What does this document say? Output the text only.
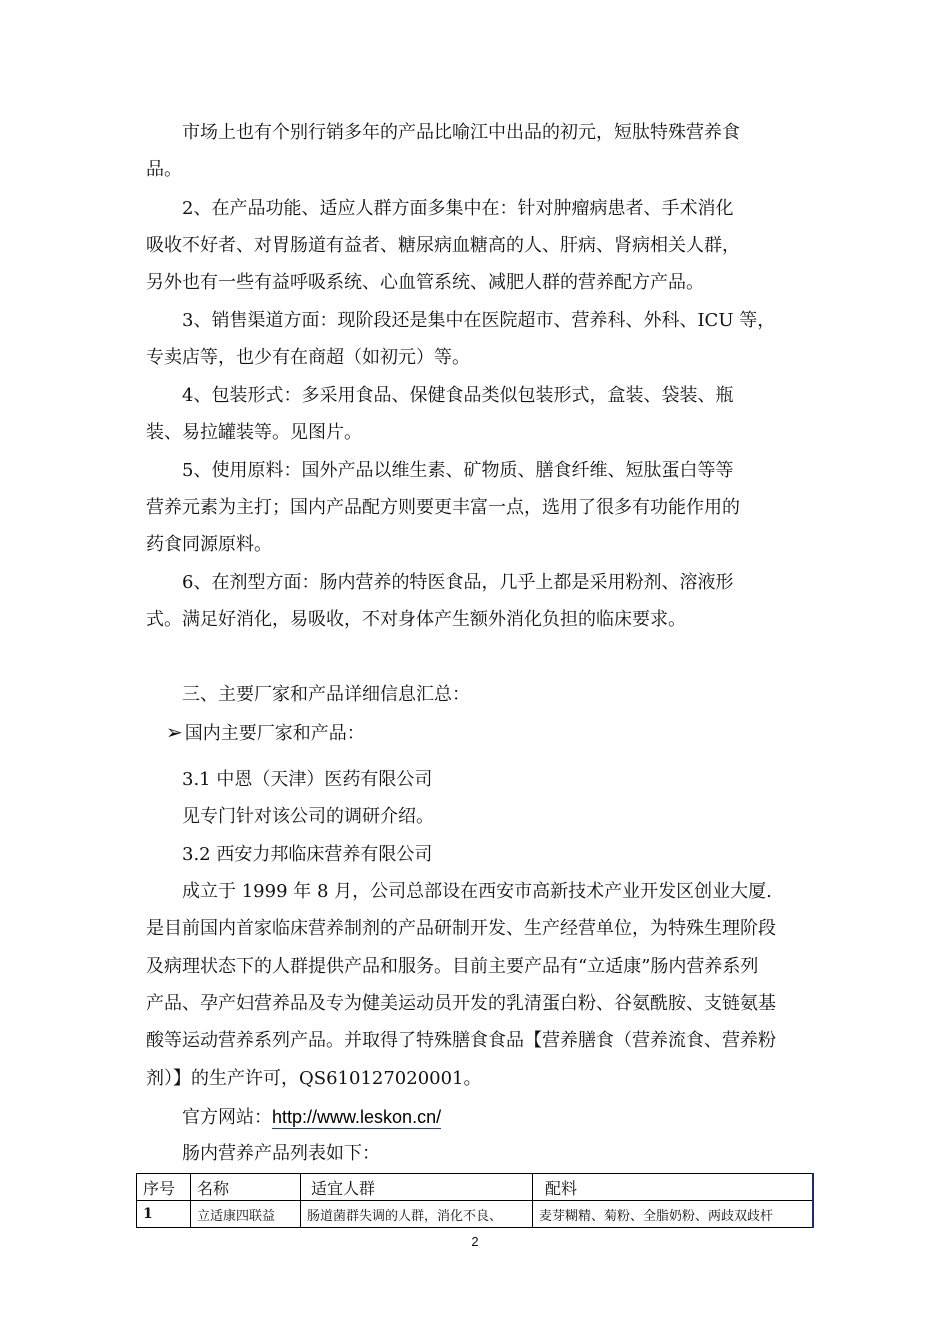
市场上也有个别行销多年的产品比喻江中出品的初元，短肽特殊营养食
品。
2、在产品功能、适应人群方面多集中在：针对肿瘤病患者、手术消化
吸收不好者、对胃肠道有益者、糖尿病血糖高的人、肝病、肾病相关人群，
另外也有一些有益呼吸系统、心血管系统、减肥人群的营养配方产品。
3、销售渠道方面：现阶段还是集中在医院超市、营养科、外科、ICU 等，
专卖店等，也少有在商超（如初元）等。
4、包装形式：多采用食品、保健食品类似包装形式，盒装、袋装、瓶
装、易拉罐装等。见图片。
5、使用原料：国外产品以维生素、矿物质、膳食纤维、短肽蛋白等等
营养元素为主打；国内产品配方则要更丰富一点，选用了很多有功能作用的
药食同源原料。
6、在剂型方面：肠内营养的特医食品，几乎上都是采用粉剂、溶液形
式。满足好消化，易吸收，不对身体产生额外消化负担的临床要求。
三、主要厂家和产品详细信息汇总：
➢ 国内主要厂家和产品：
3.1 中恩（天津）医药有限公司
见专门针对该公司的调研介绍。
3.2 西安力邦临床营养有限公司
成立于 1999 年 8 月，公司总部设在西安市高新技术产业开发区创业大厦.
是目前国内首家临床营养制剂的产品研制开发、生产经营单位，为特殊生理阶段
及病理状态下的人群提供产品和服务。目前主要产品有“立适康”肠内营养系列
产品、孕产妇营养品及专为健美运动员开发的乳清蛋白粉、谷氨酰胺、支链氨基
酸等运动营养系列产品。并取得了特殊膳食食品【营养膳食（营养流食、营养粉
剂）】的生产许可，QS610127020001。
官方网站：http://www.leskon.cn/
肠内营养产品列表如下：
序号	名称	适宜人群	配料
1	立适康四联益	肠道菌群失调的人群，消化不良、	麦芽糊精、菊粉、全脂奶粉、两歧双歧杆
2
